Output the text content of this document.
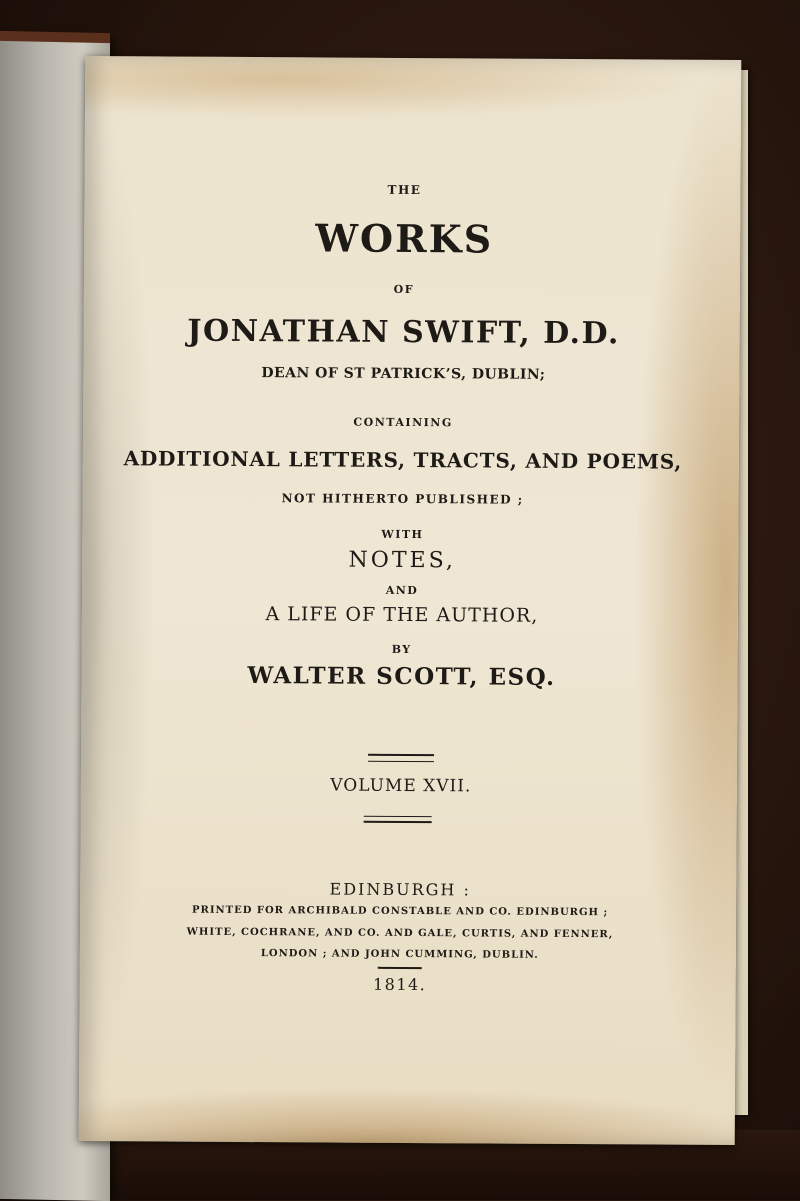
THE
WORKS
OF
JONATHAN SWIFT, D.D.
DEAN OF ST PATRICK’S, DUBLIN;
CONTAINING
ADDITIONAL LETTERS, TRACTS, AND POEMS,
NOT HITHERTO PUBLISHED ;
WITH
NOTES,
AND
A LIFE OF THE AUTHOR,
BY
WALTER SCOTT, ESQ.
VOLUME XVII.
EDINBURGH :
PRINTED FOR ARCHIBALD CONSTABLE AND CO. EDINBURGH ;
WHITE, COCHRANE, AND CO. AND GALE, CURTIS, AND FENNER,
LONDON ; AND JOHN CUMMING, DUBLIN.
1814.
